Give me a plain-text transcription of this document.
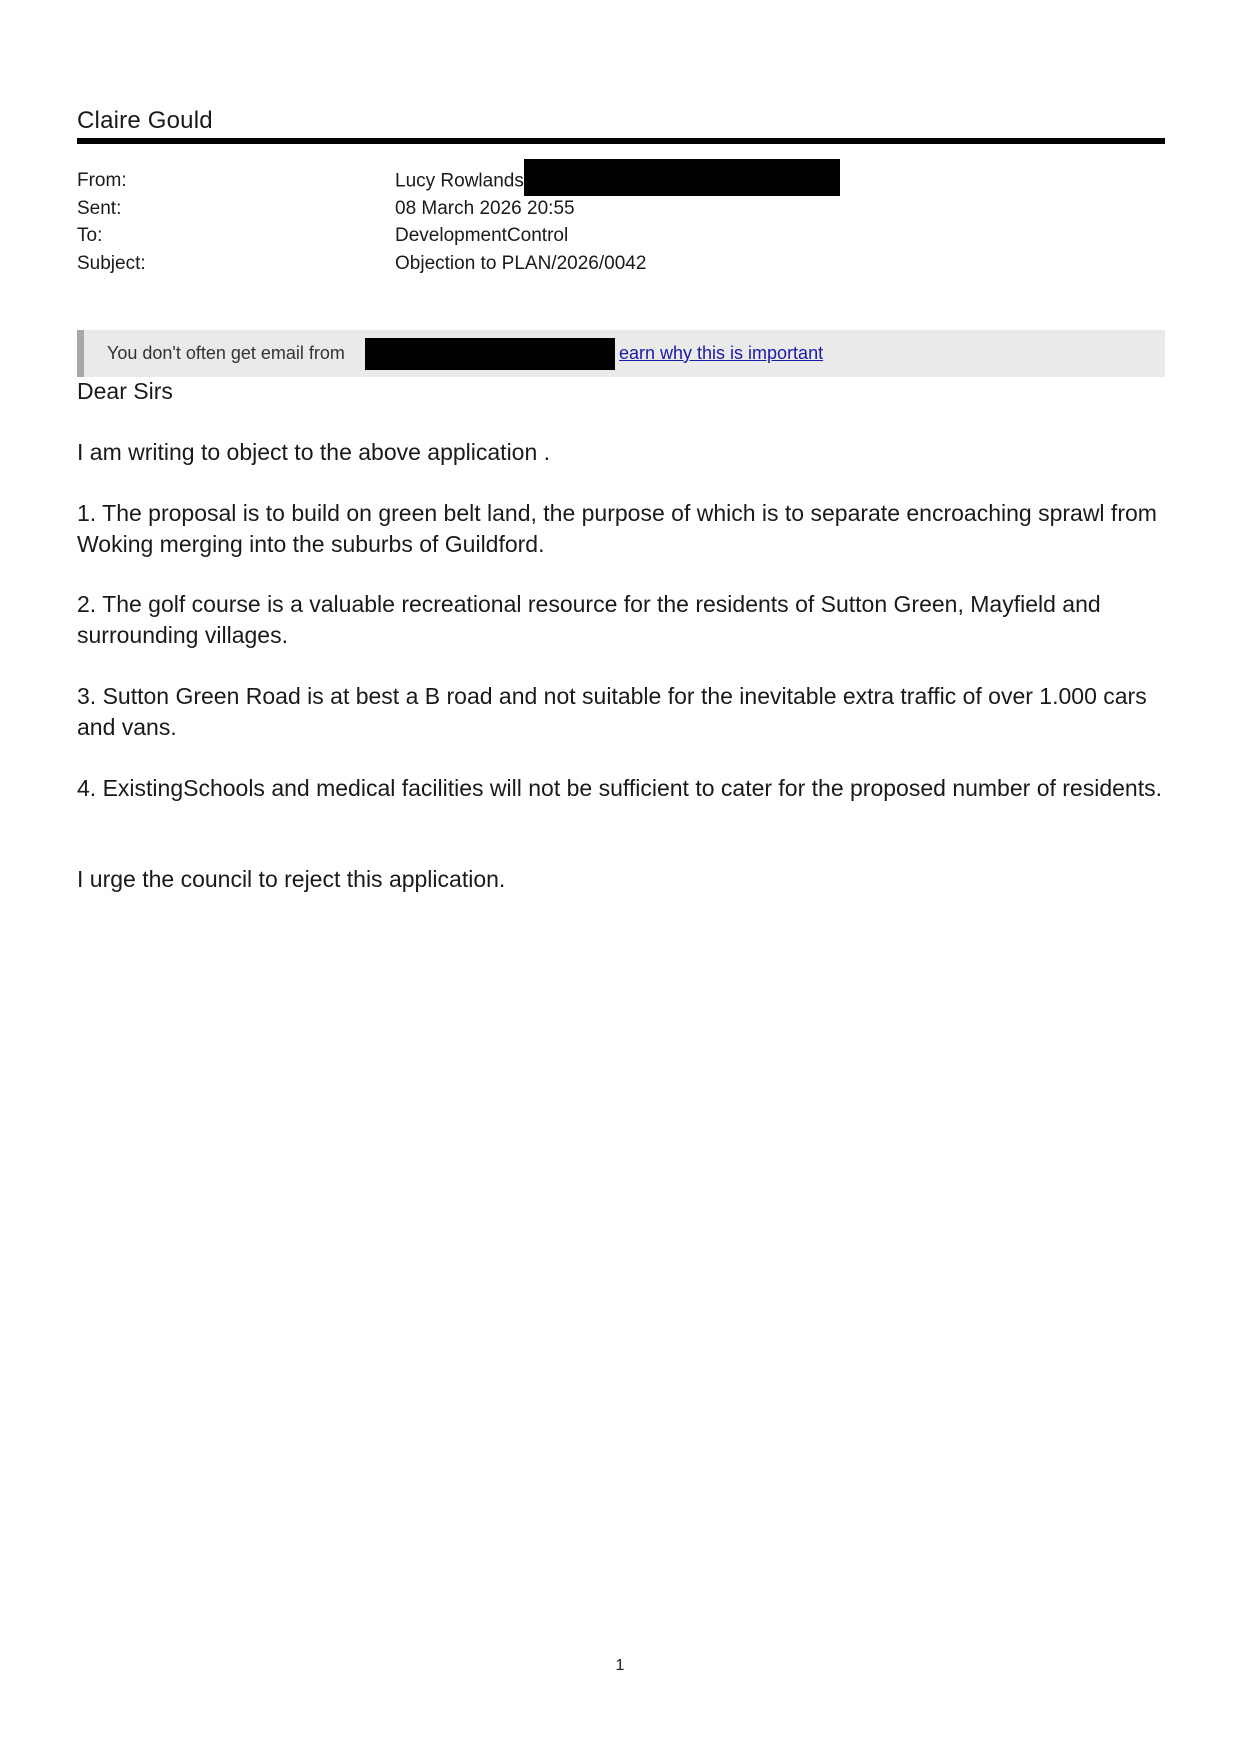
Claire Gould
From:	Lucy Rowlands
Sent:	08 March 2026 20:55
To:	DevelopmentControl
Subject:	Objection to PLAN/2026/0042
You don't often get email from	earn why this is important
Dear Sirs
I am writing to object to the above application .
1. The proposal is to build on green belt land, the purpose of which is to separate encroaching sprawl from Woking merging into the suburbs of Guildford.
2. The golf course is a valuable recreational resource for the residents of Sutton Green, Mayfield and surrounding villages.
3. Sutton Green Road is at best a B road and not suitable for the inevitable extra traffic of over 1.000 cars and vans.
4. ExistingSchools and medical facilities will not be sufficient to cater for the proposed number of residents.
I urge the council to reject this application.
1
